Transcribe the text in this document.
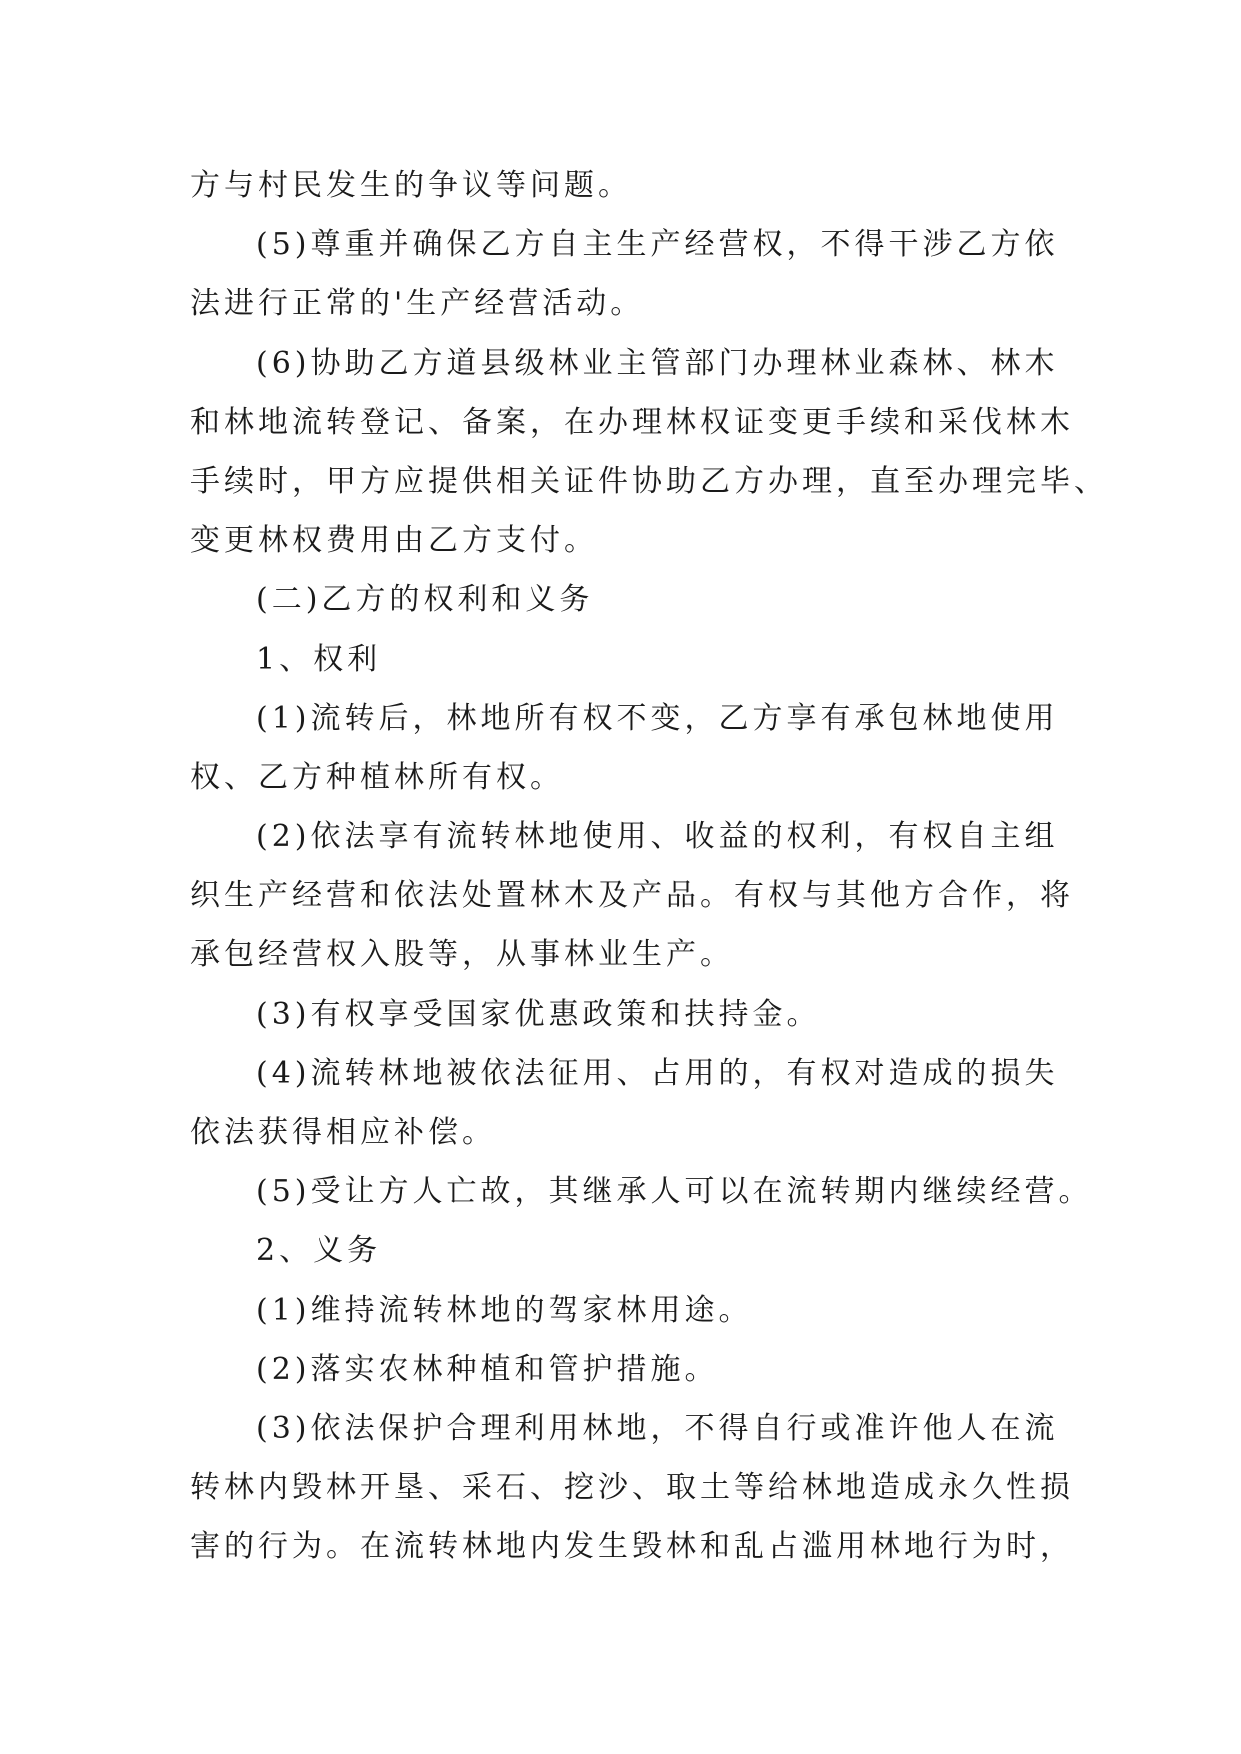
方与村民发生的争议等问题。
(5)尊重并确保乙方自主生产经营权，不得干涉乙方依
法进行正常的'生产经营活动。
(6)协助乙方道县级林业主管部门办理林业森林、林木
和林地流转登记、备案，在办理林权证变更手续和采伐林木
手续时，甲方应提供相关证件协助乙方办理，直至办理完毕、
变更林权费用由乙方支付。
(二)乙方的权利和义务
1、权利
(1)流转后，林地所有权不变，乙方享有承包林地使用
权、乙方种植林所有权。
(2)依法享有流转林地使用、收益的权利，有权自主组
织生产经营和依法处置林木及产品。有权与其他方合作，将
承包经营权入股等，从事林业生产。
(3)有权享受国家优惠政策和扶持金。
(4)流转林地被依法征用、占用的，有权对造成的损失
依法获得相应补偿。
(5)受让方人亡故，其继承人可以在流转期内继续经营。
2、义务
(1)维持流转林地的驾家林用途。
(2)落实农林种植和管护措施。
(3)依法保护合理利用林地，不得自行或准许他人在流
转林内毁林开垦、采石、挖沙、取土等给林地造成永久性损
害的行为。在流转林地内发生毁林和乱占滥用林地行为时，
